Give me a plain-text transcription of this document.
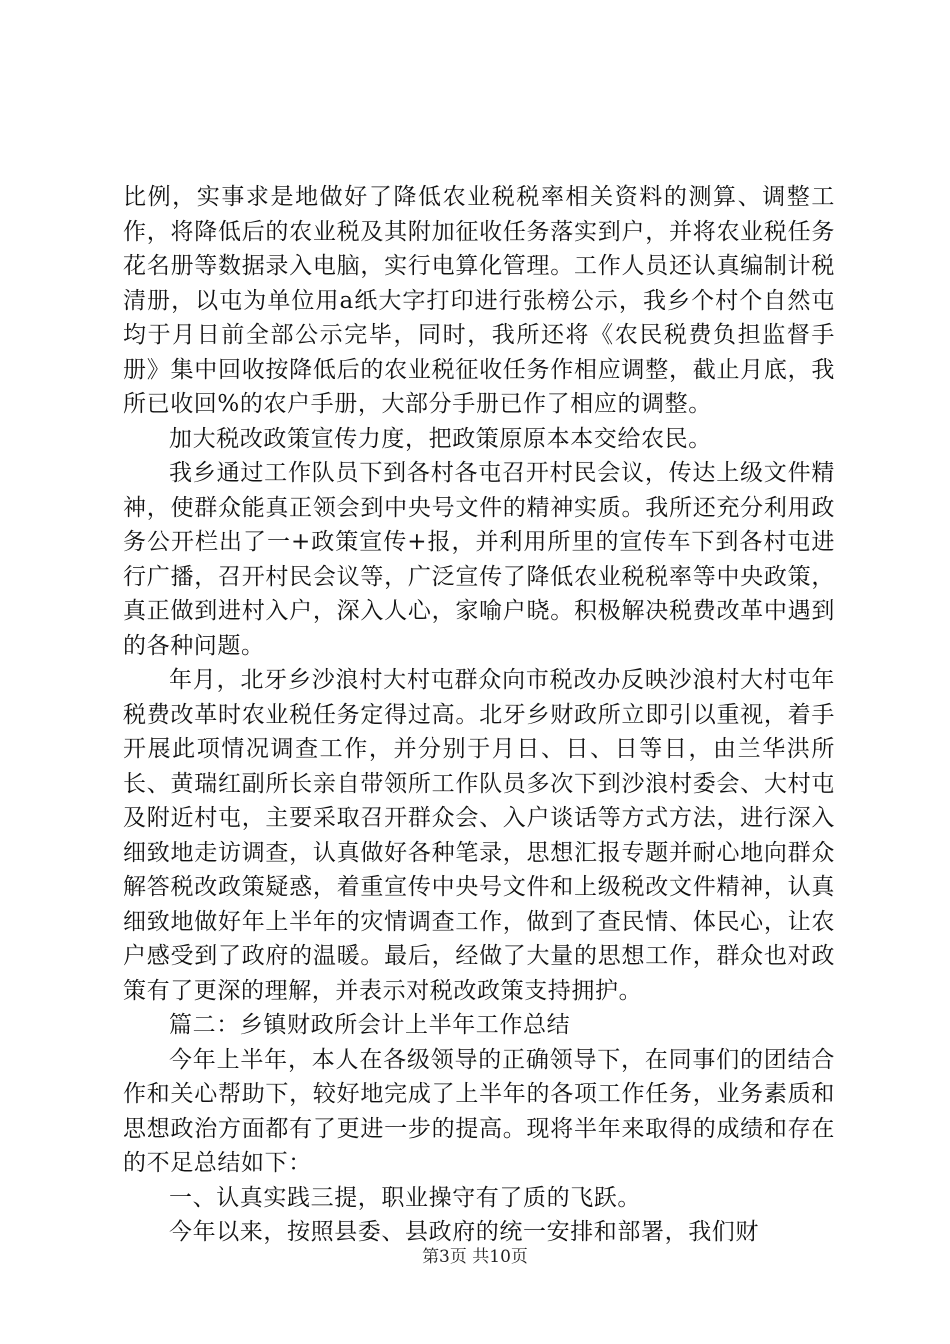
比例，实事求是地做好了降低农业税税率相关资料的测算、调整工作，将降低后的农业税及其附加征收任务落实到户，并将农业税任务花名册等数据录入电脑，实行电算化管理。工作人员还认真编制计税清册，以屯为单位用a纸大字打印进行张榜公示，我乡个村个自然屯均于月日前全部公示完毕，同时，我所还将《农民税费负担监督手册》集中回收按降低后的农业税征收任务作相应调整，截止月底，我所已收回%的农户手册，大部分手册已作了相应的调整。

加大税改政策宣传力度，把政策原原本本交给农民。

我乡通过工作队员下到各村各屯召开村民会议，传达上级文件精神，使群众能真正领会到中央号文件的精神实质。我所还充分利用政务公开栏出了一+政策宣传+报，并利用所里的宣传车下到各村屯进行广播，召开村民会议等，广泛宣传了降低农业税税率等中央政策，真正做到进村入户，深入人心，家喻户晓。积极解决税费改革中遇到的各种问题。

年月，北牙乡沙浪村大村屯群众向市税改办反映沙浪村大村屯年税费改革时农业税任务定得过高。北牙乡财政所立即引以重视，着手开展此项情况调查工作，并分别于月日、日、日等日，由兰华洪所长、黄瑞红副所长亲自带领所工作队员多次下到沙浪村委会、大村屯及附近村屯，主要采取召开群众会、入户谈话等方式方法，进行深入细致地走访调查，认真做好各种笔录，思想汇报专题并耐心地向群众解答税改政策疑惑，着重宣传中央号文件和上级税改文件精神，认真细致地做好年上半年的灾情调查工作，做到了查民情、体民心，让农户感受到了政府的温暖。最后，经做了大量的思想工作，群众也对政策有了更深的理解，并表示对税改政策支持拥护。

篇二：乡镇财政所会计上半年工作总结

今年上半年，本人在各级领导的正确领导下，在同事们的团结合作和关心帮助下，较好地完成了上半年的各项工作任务，业务素质和思想政治方面都有了更进一步的提高。现将半年来取得的成绩和存在的不足总结如下：

一、认真实践三提，职业操守有了质的飞跃。

今年以来，按照县委、县政府的统一安排和部署，我们财

第3页 共10页
